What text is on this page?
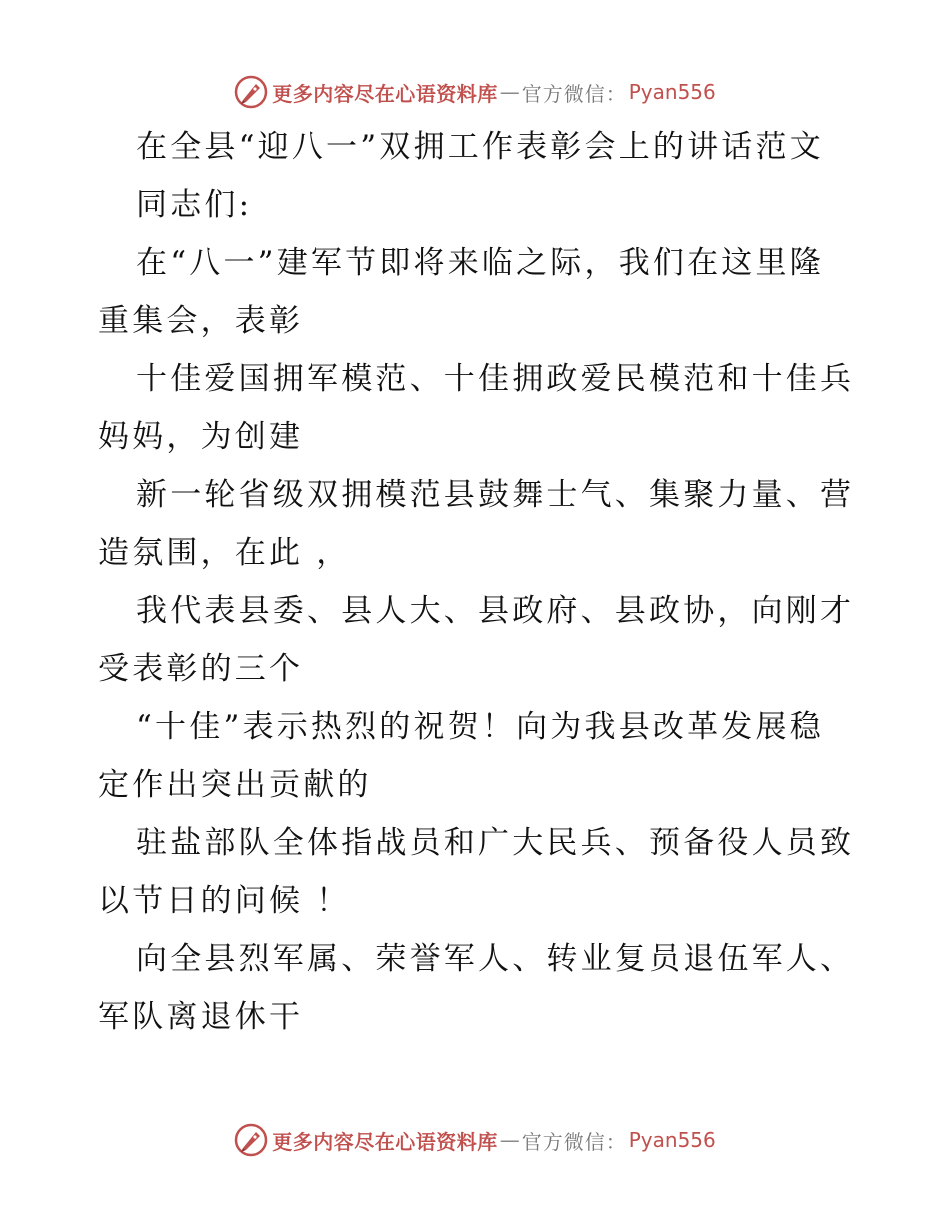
更多内容尽在心语资料库 — 官方微信： Pyan556
在全县“迎八一”双拥工作表彰会上的讲话范文
同志们:
在“八一”建军节即将来临之际，我们在这里隆
重集会，表彰
十佳爱国拥军模范、十佳拥政爱民模范和十佳兵
妈妈，为创建
新一轮省级双拥模范县鼓舞士气、集聚力量、营
造氛围，在此 ，
我代表县委、县人大、县政府、县政协，向刚才
受表彰的三个
“十佳”表示热烈的祝贺！向为我县改革发展稳
定作出突出贡献的
驻盐部队全体指战员和广大民兵、预备役人员致
以节日的问候 ！
向全县烈军属、荣誉军人、转业复员退伍军人、
军队离退休干
更多内容尽在心语资料库 — 官方微信： Pyan556
